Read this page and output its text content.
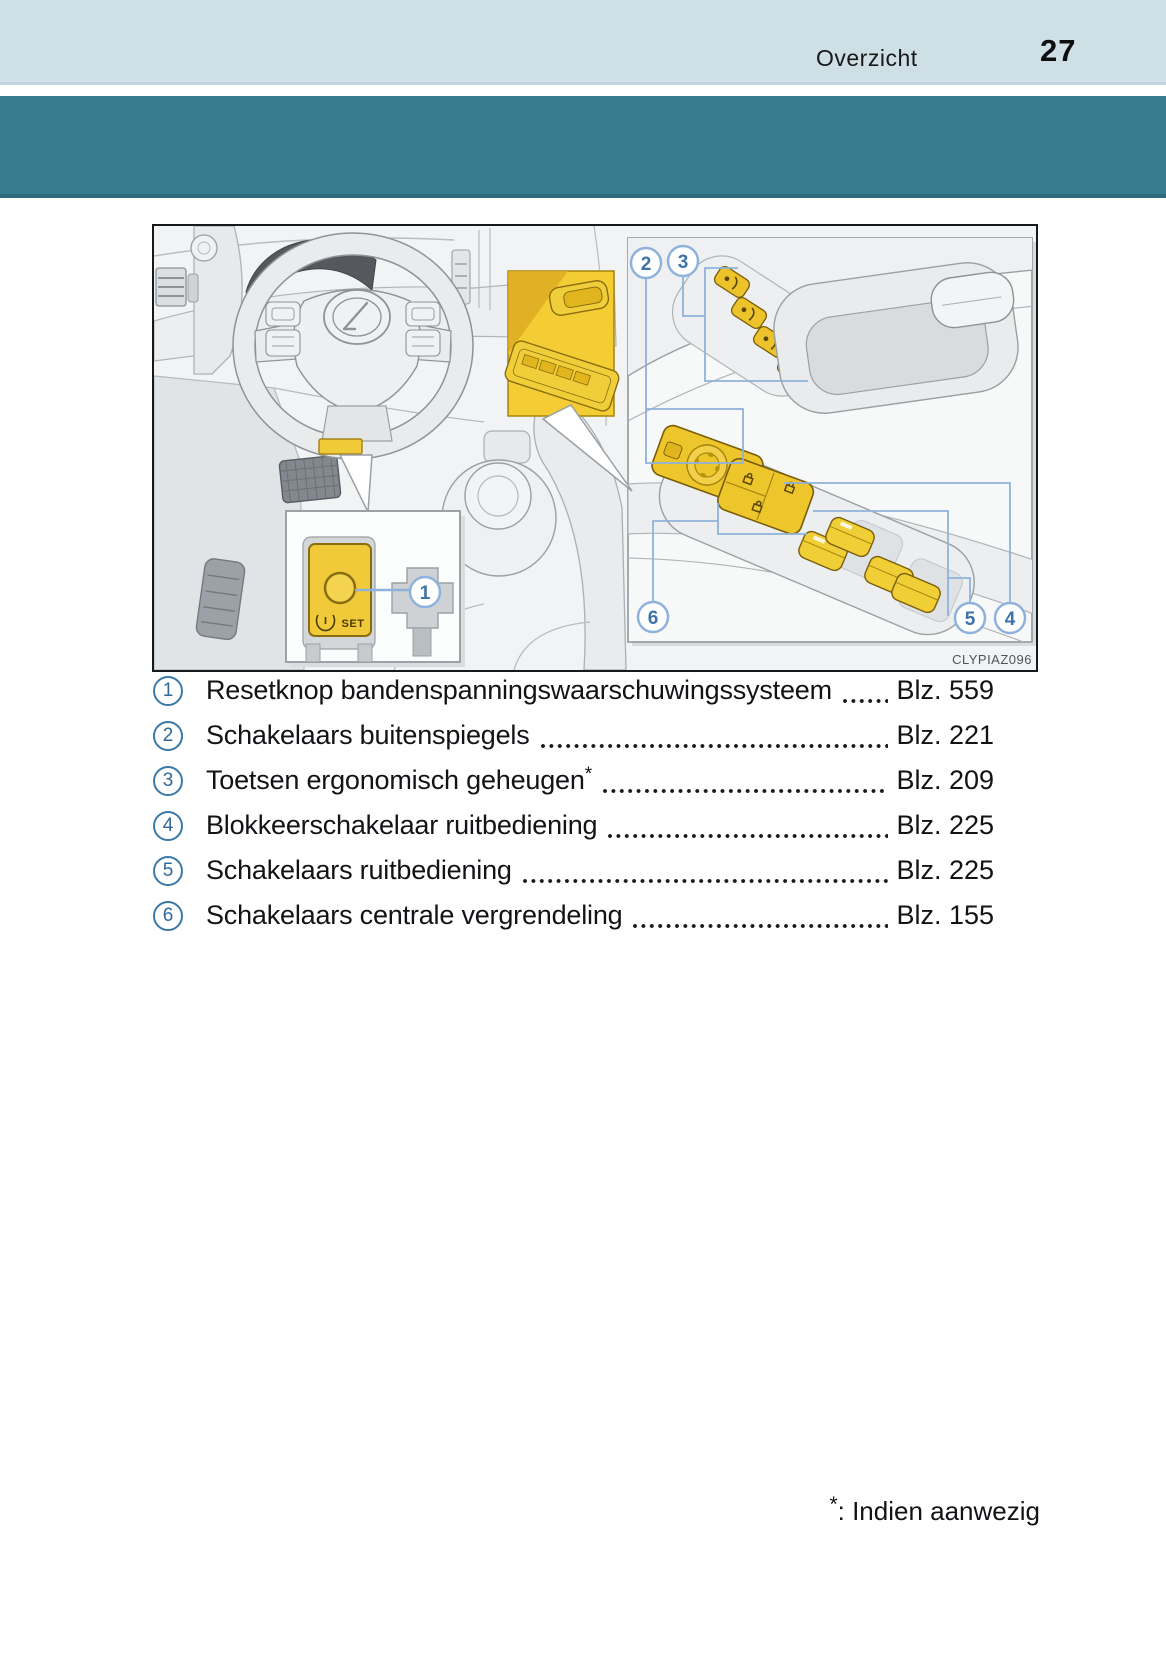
Overzicht	27
SET
1
2 3
6	5 4
CLYPIAZ096
1	Resetknop bandenspanningswaarschuwingssysteem Blz. 559
2	Schakelaars buitenspiegels	Blz. 221
3	Toetsen ergonomisch geheugen*	Blz. 209
4	Blokkeerschakelaar ruitbediening	Blz. 225
5	Schakelaars ruitbediening	Blz. 225
6	Schakelaars centrale vergrendeling	Blz. 155
*: Indien aanwezig
